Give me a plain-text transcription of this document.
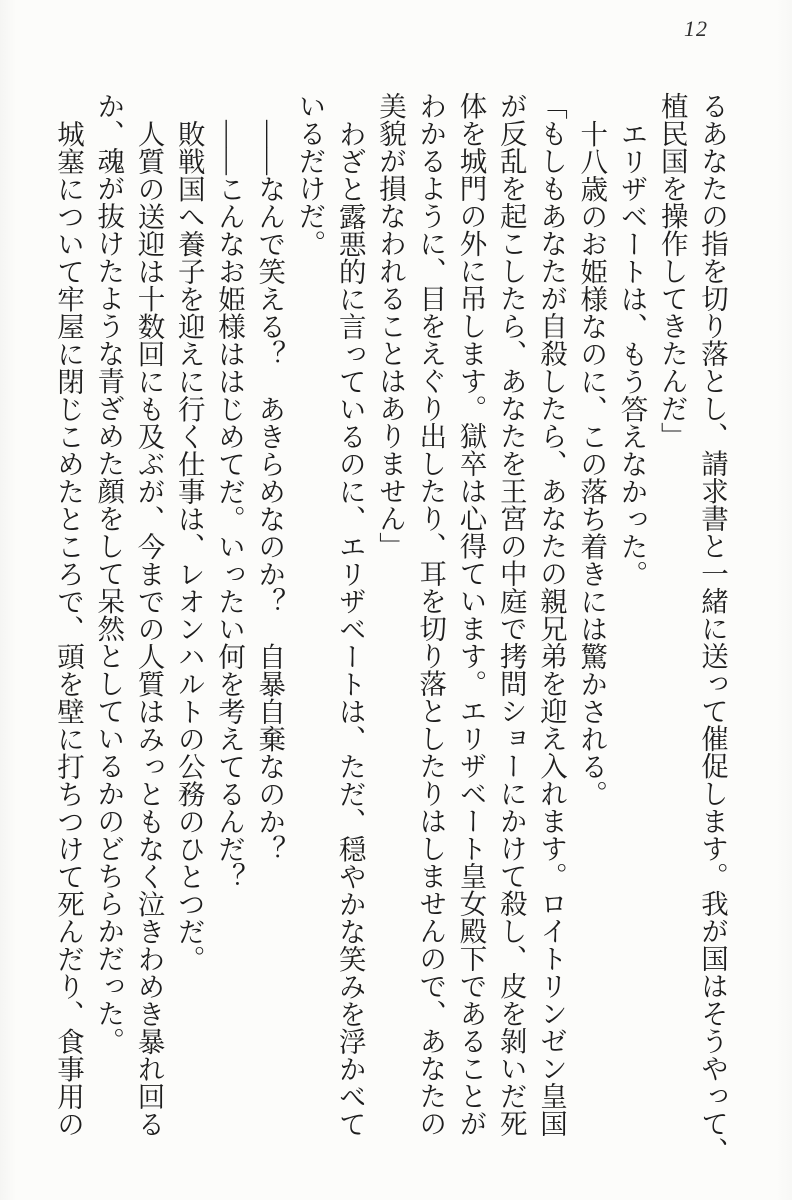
12
るあなたの指を切り落とし、請求書と一緒に送って催促します。我が国はそうやって、
植民国を操作してきたんだ」
エリザベートは、もう答えなかった。
十八歳のお姫様なのに、この落ち着きには驚かされる。
「もしもあなたが自殺したら、あなたの親兄弟を迎え入れます。ロイトリンゼン皇国
が反乱を起こしたら、あなたを王宮の中庭で拷問ショーにかけて殺し、皮を剝いだ死
体を城門の外に吊します。獄卒は心得ています。エリザベート皇女殿下であることが
わかるように、目をえぐり出したり、耳を切り落としたりはしませんので、あなたの
美貌が損なわれることはありません」
わざと露悪的に言っているのに、エリザベートは、ただ、穏やかな笑みを浮かべて
いるだけだ。
――なんで笑える？　あきらめなのか？　自暴自棄なのか？
――こんなお姫様ははじめてだ。いったい何を考えてるんだ？
敗戦国へ養子を迎えに行く仕事は、レオンハルトの公務のひとつだ。
人質の送迎は十数回にも及ぶが、今までの人質はみっともなく泣きわめき暴れ回る
か、魂が抜けたような青ざめた顔をして呆然としているかのどちらかだった。
城塞について牢屋に閉じこめたところで、頭を壁に打ちつけて死んだり、食事用の
